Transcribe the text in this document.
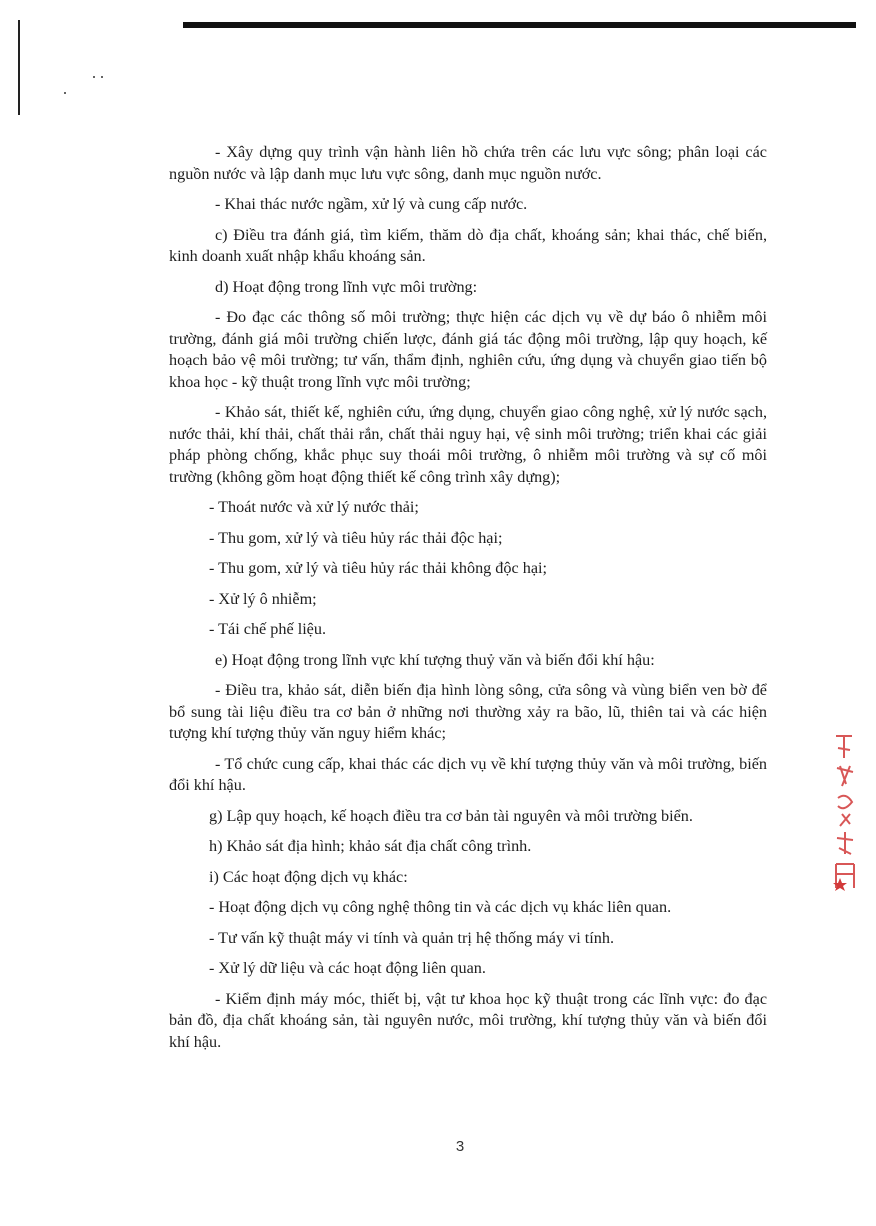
- Xây dựng quy trình vận hành liên hồ chứa trên các lưu vực sông; phân loại các nguồn nước và lập danh mục lưu vực sông, danh mục nguồn nước.

- Khai thác nước ngầm, xử lý và cung cấp nước.

c) Điều tra đánh giá, tìm kiếm, thăm dò địa chất, khoáng sản; khai thác, chế biến, kinh doanh xuất nhập khẩu khoáng sản.

d) Hoạt động trong lĩnh vực môi trường:

- Đo đạc các thông số môi trường; thực hiện các dịch vụ về dự báo ô nhiễm môi trường, đánh giá môi trường chiến lược, đánh giá tác động môi trường, lập quy hoạch, kế hoạch bảo vệ môi trường; tư vấn, thẩm định, nghiên cứu, ứng dụng và chuyển giao tiến bộ khoa học - kỹ thuật trong lĩnh vực môi trường;

- Khảo sát, thiết kế, nghiên cứu, ứng dụng, chuyển giao công nghệ, xử lý nước sạch, nước thải, khí thải, chất thải rắn, chất thải nguy hại, vệ sinh môi trường; triển khai các giải pháp phòng chống, khắc phục suy thoái môi trường, ô nhiễm môi trường và sự cố môi trường (không gồm hoạt động thiết kế công trình xây dựng);

- Thoát nước và xử lý nước thải;

- Thu gom, xử lý và tiêu hủy rác thải độc hại;

- Thu gom, xử lý và tiêu hủy rác thải không độc hại;

- Xử lý ô nhiễm;

- Tái chế phế liệu.

e) Hoạt động trong lĩnh vực khí tượng thuỷ văn và biến đổi khí hậu:

- Điều tra, khảo sát, diễn biến địa hình lòng sông, cửa sông và vùng biển ven bờ để bổ sung tài liệu điều tra cơ bản ở những nơi thường xảy ra bão, lũ, thiên tai và các hiện tượng khí tượng thủy văn nguy hiểm khác;

- Tổ chức cung cấp, khai thác các dịch vụ về khí tượng thủy văn và môi trường, biến đổi khí hậu.

g) Lập quy hoạch, kế hoạch điều tra cơ bản tài nguyên và môi trường biển.

h) Khảo sát địa hình; khảo sát địa chất công trình.

i) Các hoạt động dịch vụ khác:

- Hoạt động dịch vụ công nghệ thông tin và các dịch vụ khác liên quan.

- Tư vấn kỹ thuật máy vi tính và quản trị hệ thống máy vi tính.

- Xử lý dữ liệu và các hoạt động liên quan.

- Kiểm định máy móc, thiết bị, vật tư khoa học kỹ thuật trong các lĩnh vực: đo đạc bản đồ, địa chất khoáng sản, tài nguyên nước, môi trường, khí tượng thủy văn và biến đổi khí hậu.

3
